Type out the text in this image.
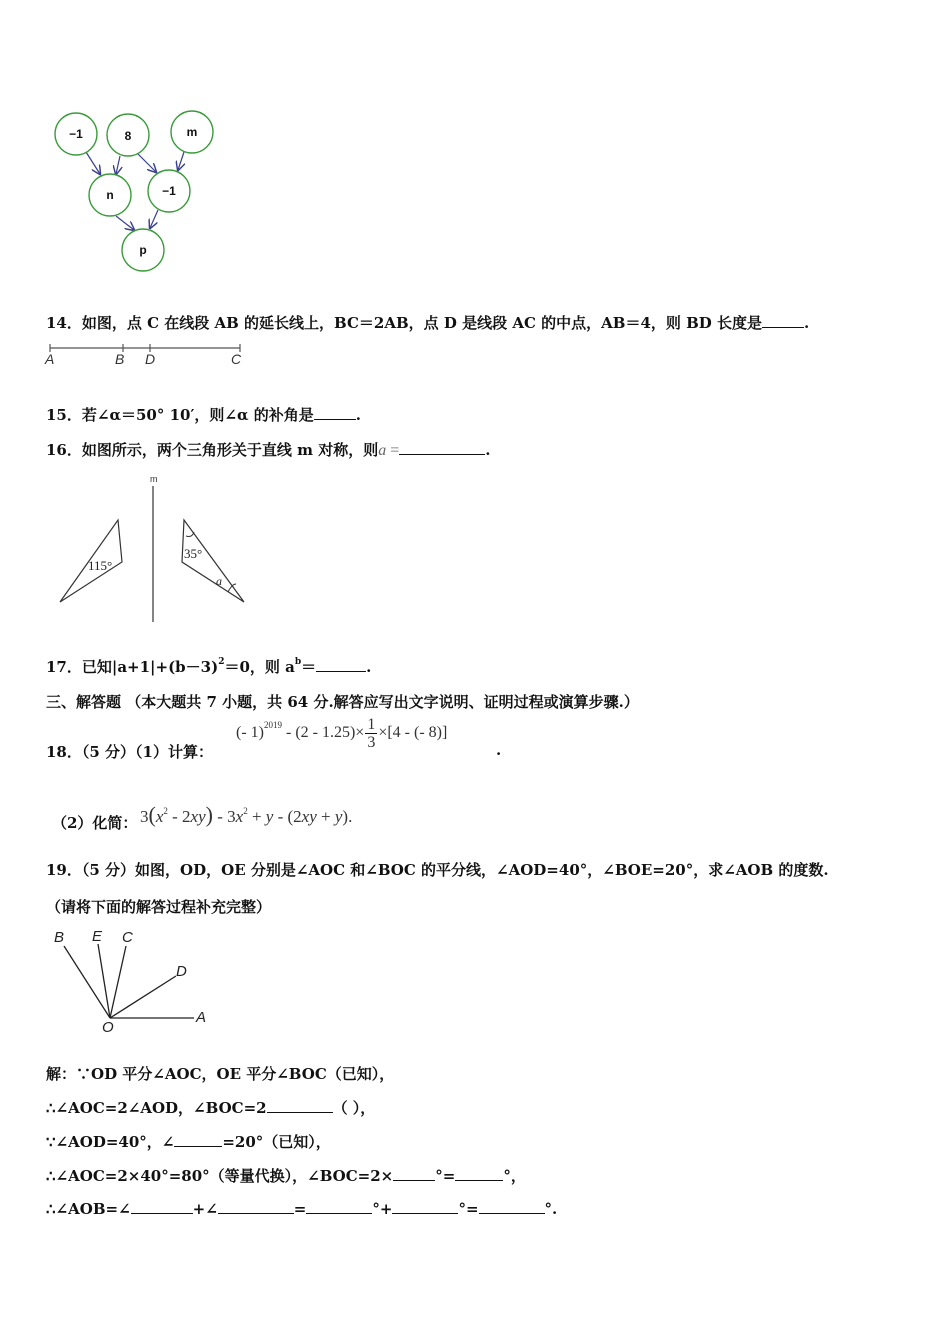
−1	8	m
n	−1
p
14．如图，点 C 在线段 AB 的延长线上，BC＝2AB，点 D 是线段 AC 的中点，AB＝4，则 BD 长度是	.
A	B D	C
15．若∠α＝50° 10′，则∠α 的补角是	.
16．如图所示，两个三角形关于直线 m 对称，则a =	.
m
115°
35°
a
17．已知$|a+1|+(b-3)^2=0$，则 $a^b=$	.
三、解答题 （本大题共 7 小题，共 64 分.解答应写出文字说明、证明过程或演算步骤.）
18．（5 分）（1）计算：
(- $1)^{2019} - (2 - 1.25)\times \frac{1}{3} \times[4$ - (- 8)]
.
（2）化简： $3(x^2 - 2xy) - 3x^2 + y - (2xy + y)$.
19．（5 分）如图，OD，OE 分别是∠AOC 和∠BOC 的平分线，∠AOD=40°，∠BOE=20°，求∠AOB 的度数.
（请将下面的解答过程补充完整）
B E C
D
O
A
解：∵OD 平分∠AOC，OE 平分∠BOC（已知），
∴∠AOC=2∠AOD，∠BOC=2	（ ），
∵∠AOD=40°，∠	=20°（已知），
∴∠AOC=2×40°=80°（等量代换），∠BOC=2×	°=	°，
∴∠AOB=∠	+∠	=	°+	°=	°.
